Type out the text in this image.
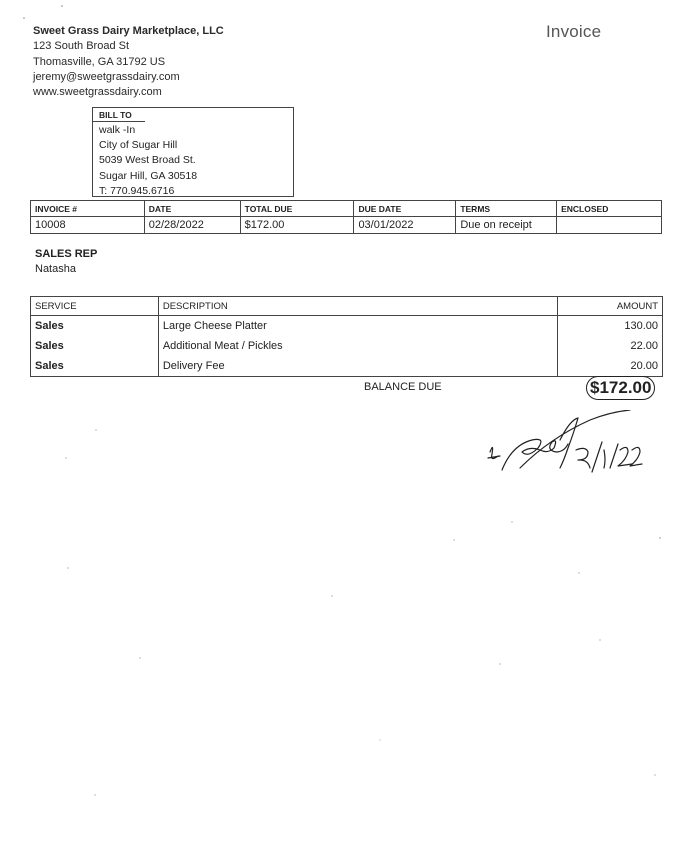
Sweet Grass Dairy Marketplace, LLC
123 South Broad St
Thomasville, GA 31792 US
jeremy@sweetgrassdairy.com
www.sweetgrassdairy.com
Invoice
BILL TO
walk -In
City of Sugar Hill
5039 West Broad St.
Sugar Hill, GA 30518
T: 770.945.6716
INVOICE #	DATE	TOTAL DUE	DUE DATE	TERMS	ENCLOSED
10008	02/28/2022	$172.00	03/01/2022	Due on receipt	
SALES REP
Natasha
SERVICE	DESCRIPTION	AMOUNT
Sales	Large Cheese Platter	130.00
Sales	Additional Meat / Pickles	22.00
Sales	Delivery Fee	20.00
BALANCE DUE	$172.00
